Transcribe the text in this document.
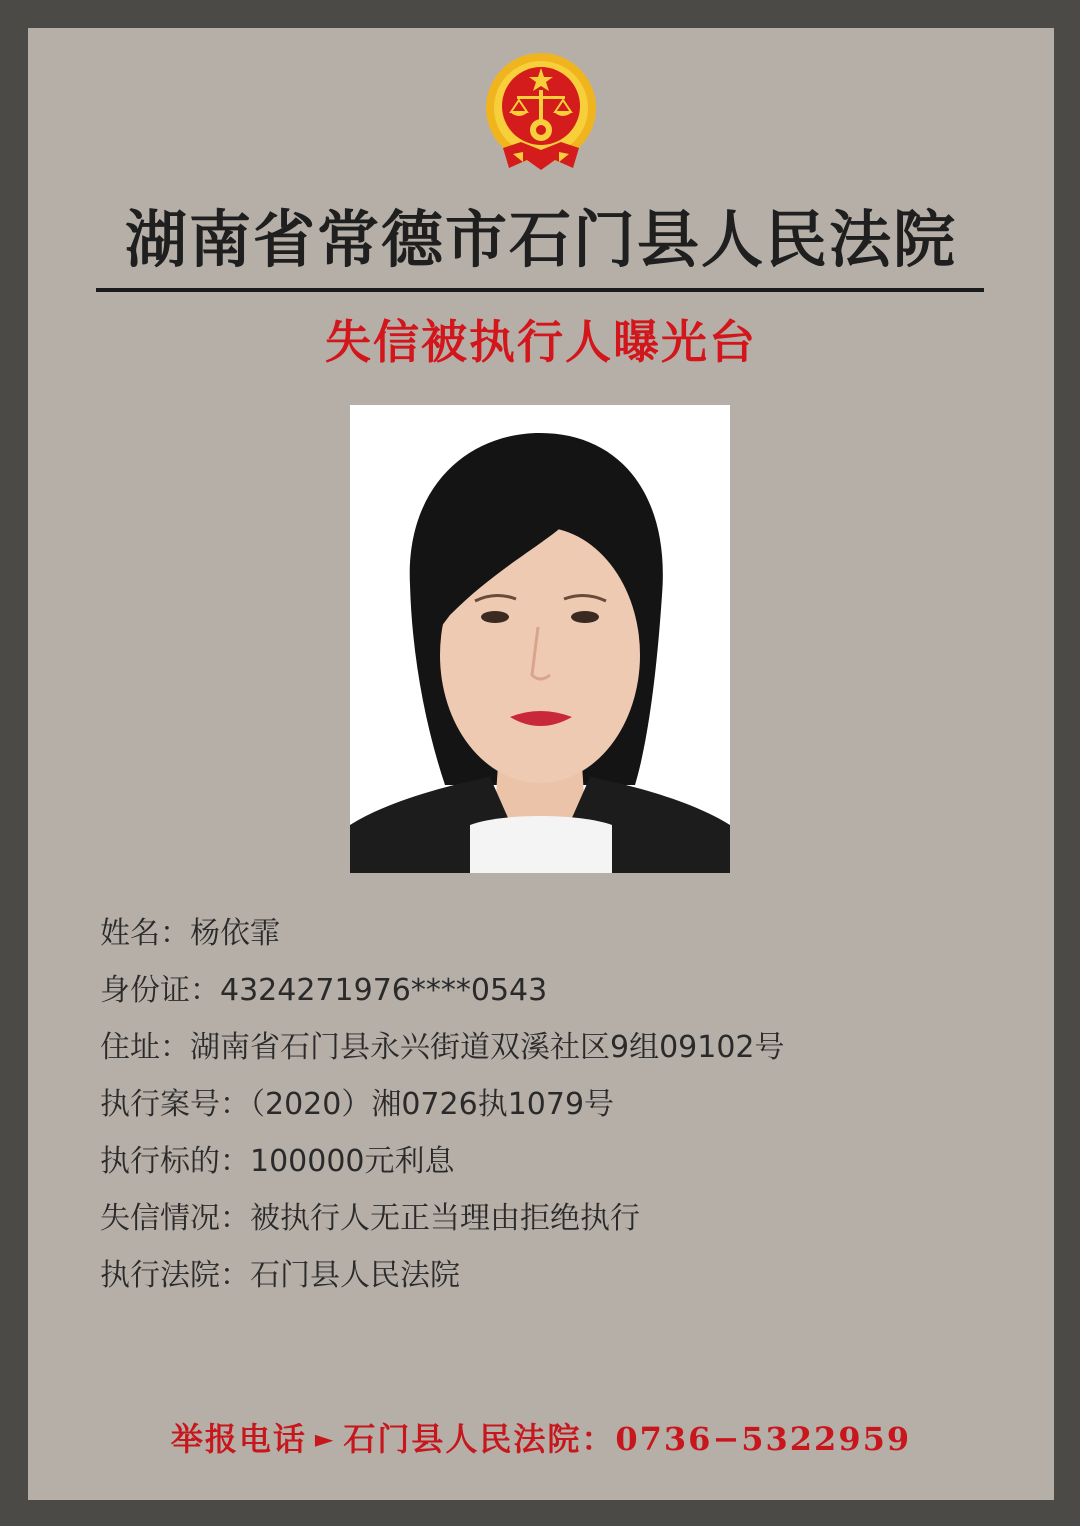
湖南省常德市石门县人民法院
失信被执行人曝光台
姓名：杨依霏
身份证：4324271976****0543
住址：湖南省石门县永兴街道双溪社区9组09102号
执行案号：（2020）湘0726执1079号
执行标的：100000元利息
失信情况：被执行人无正当理由拒绝执行
执行法院：石门县人民法院
举报电话 ► 石门县人民法院：0736−5322959
